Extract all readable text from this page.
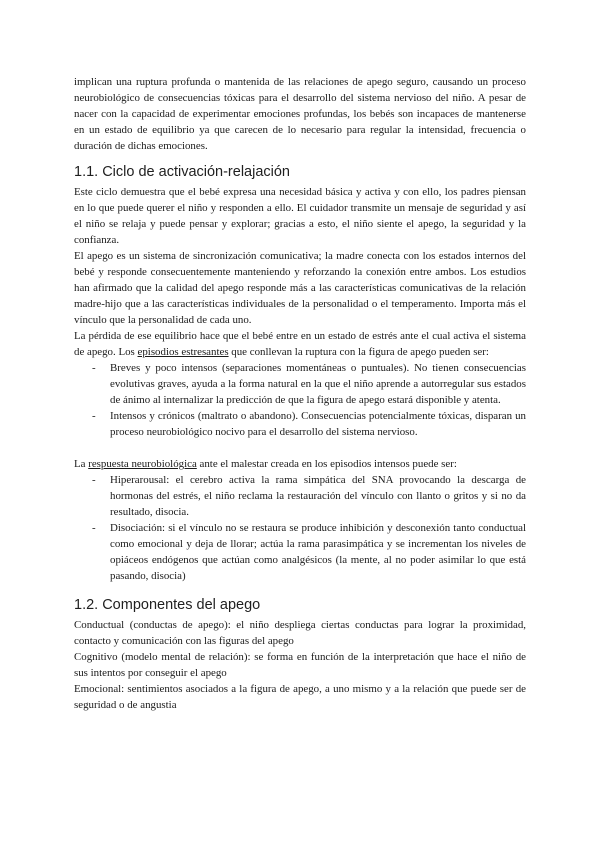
implican una ruptura profunda o mantenida de las relaciones de apego seguro, causando un proceso neurobiológico de consecuencias tóxicas para el desarrollo del sistema nervioso del niño. A pesar de nacer con la capacidad de experimentar emociones profundas, los bebés son incapaces de mantenerse en un estado de equilibrio ya que carecen de lo necesario para regular la intensidad, frecuencia o duración de dichas emociones.

1.1. Ciclo de activación-relajación

Este ciclo demuestra que el bebé expresa una necesidad básica y activa y con ello, los padres piensan en lo que puede querer el niño y responden a ello. El cuidador transmite un mensaje de seguridad y así el niño se relaja y puede pensar y explorar; gracias a esto, el niño siente el apego, la seguridad y la confianza.

El apego es un sistema de sincronización comunicativa; la madre conecta con los estados internos del bebé y responde consecuentemente manteniendo y reforzando la conexión entre ambos. Los estudios han afirmado que la calidad del apego responde más a las características comunicativas de la relación madre-hijo que a las características individuales de la personalidad o el temperamento. Importa más el vínculo que la personalidad de cada uno.

La pérdida de ese equilibrio hace que el bebé entre en un estado de estrés ante el cual activa el sistema de apego. Los episodios estresantes que conllevan la ruptura con la figura de apego pueden ser:

- Breves y poco intensos (separaciones momentáneas o puntuales). No tienen consecuencias evolutivas graves, ayuda a la forma natural en la que el niño aprende a autorregular sus estados de ánimo al internalizar la predicción de que la figura de apego estará disponible y atenta.
- Intensos y crónicos (maltrato o abandono). Consecuencias potencialmente tóxicas, disparan un proceso neurobiológico nocivo para el desarrollo del sistema nervioso.

La respuesta neurobiológica ante el malestar creada en los episodios intensos puede ser:

- Hiperarousal: el cerebro activa la rama simpática del SNA provocando la descarga de hormonas del estrés, el niño reclama la restauración del vínculo con llanto o gritos y si no da resultado, disocia.
- Disociación: si el vínculo no se restaura se produce inhibición y desconexión tanto conductual como emocional y deja de llorar; actúa la rama parasimpática y se incrementan los niveles de opiáceos endógenos que actúan como analgésicos (la mente, al no poder asimilar lo que está pasando, disocia)
1.2. Componentes del apego

Conductual (conductas de apego): el niño despliega ciertas conductas para lograr la proximidad, contacto y comunicación con las figuras del apego

Cognitivo (modelo mental de relación): se forma en función de la interpretación que hace el niño de sus intentos por conseguir el apego

Emocional: sentimientos asociados a la figura de apego, a uno mismo y a la relación que puede ser de seguridad o de angustia
